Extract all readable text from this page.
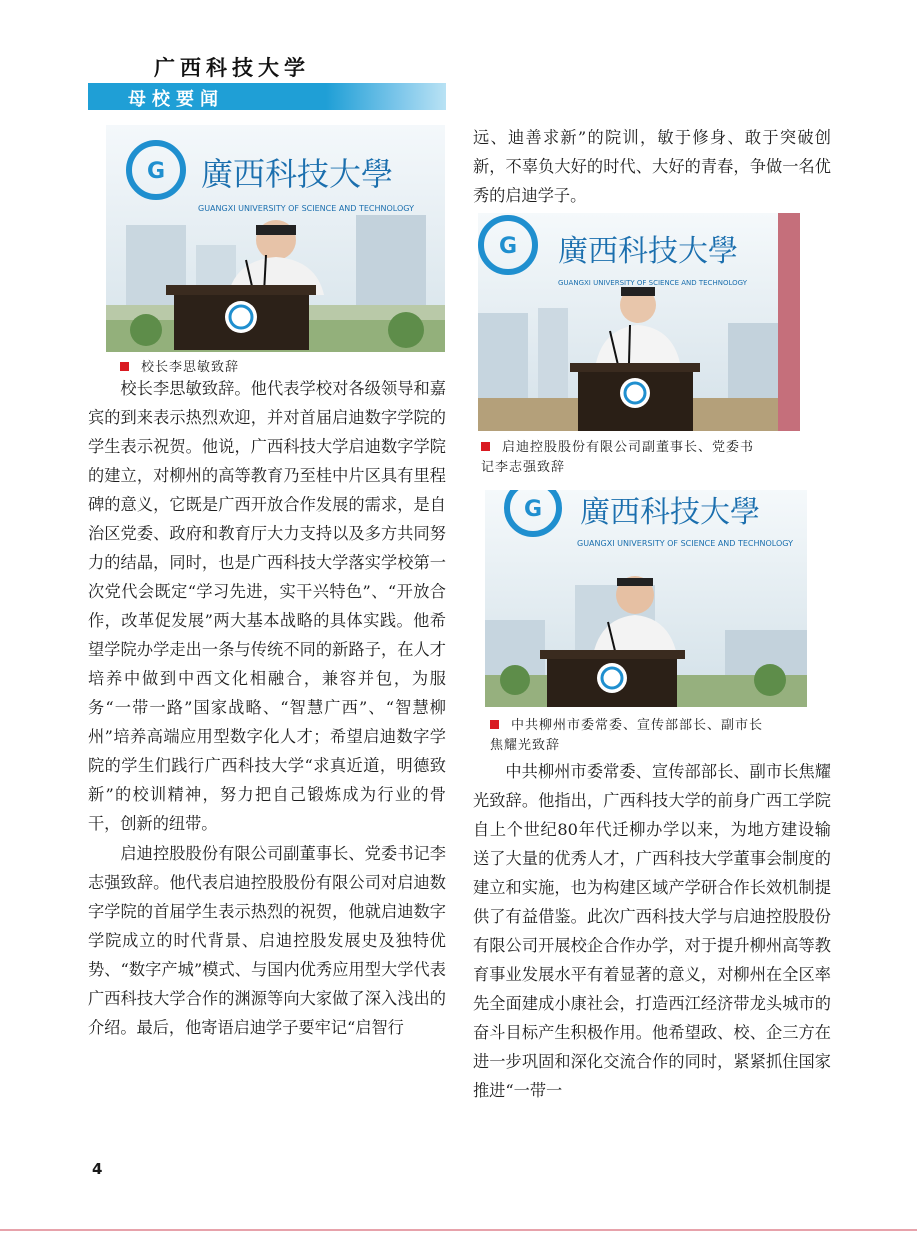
广西科技大学
母校要闻
G 廣西科技大學
GUANGXI UNIVERSITY OF SCIENCE AND TECHNOLOGY
校长李思敏致辞

校长李思敏致辞。他代表学校对各级领导和嘉宾的到来表示热烈欢迎，并对首届启迪数字学院的学生表示祝贺。他说，广西科技大学启迪数字学院的建立，对柳州的高等教育乃至桂中片区具有里程碑的意义，它既是广西开放合作发展的需求，是自治区党委、政府和教育厅大力支持以及多方共同努力的结晶，同时，也是广西科技大学落实学校第一次党代会既定“学习先进，实干兴特色”、“开放合作，改革促发展”两大基本战略的具体实践。他希望学院办学走出一条与传统不同的新路子，在人才培养中做到中西文化相融合，兼容并包，为服务“一带一路”国家战略、“智慧广西”、“智慧柳州”培养高端应用型数字化人才；希望启迪数字学院的学生们践行广西科技大学“求真近道，明德致新”的校训精神，努力把自己锻炼成为行业的骨干，创新的纽带。

启迪控股股份有限公司副董事长、党委书记李志强致辞。他代表启迪控股股份有限公司对启迪数字学院的首届学生表示热烈的祝贺，他就启迪数字学院成立的时代背景、启迪控股发展史及独特优势、“数字产城”模式、与国内优秀应用型大学代表广西科技大学合作的渊源等向大家做了深入浅出的介绍。最后，他寄语启迪学子要牢记“启智行

远、迪善求新”的院训，敏于修身、敢于突破创新，不辜负大好的时代、大好的青春，争做一名优秀的启迪学子。

G 廣西科技大學
GUANGXI UNIVERSITY OF SCIENCE AND TECHNOLOGY
启迪控股股份有限公司副董事长、党委书
记李志强致辞
G 廣西科技大學
GUANGXI UNIVERSITY OF SCIENCE AND TECHNOLOGY
中共柳州市委常委、宣传部部长、副市长
焦耀光致辞

中共柳州市委常委、宣传部部长、副市长焦耀光致辞。他指出，广西科技大学的前身广西工学院自上个世纪80年代迁柳办学以来，为地方建设输送了大量的优秀人才，广西科技大学董事会制度的建立和实施，也为构建区域产学研合作长效机制提供了有益借鉴。此次广西科技大学与启迪控股股份有限公司开展校企合作办学，对于提升柳州高等教育事业发展水平有着显著的意义，对柳州在全区率先全面建成小康社会，打造西江经济带龙头城市的奋斗目标产生积极作用。他希望政、校、企三方在进一步巩固和深化交流合作的同时，紧紧抓住国家推进“一带一

4
